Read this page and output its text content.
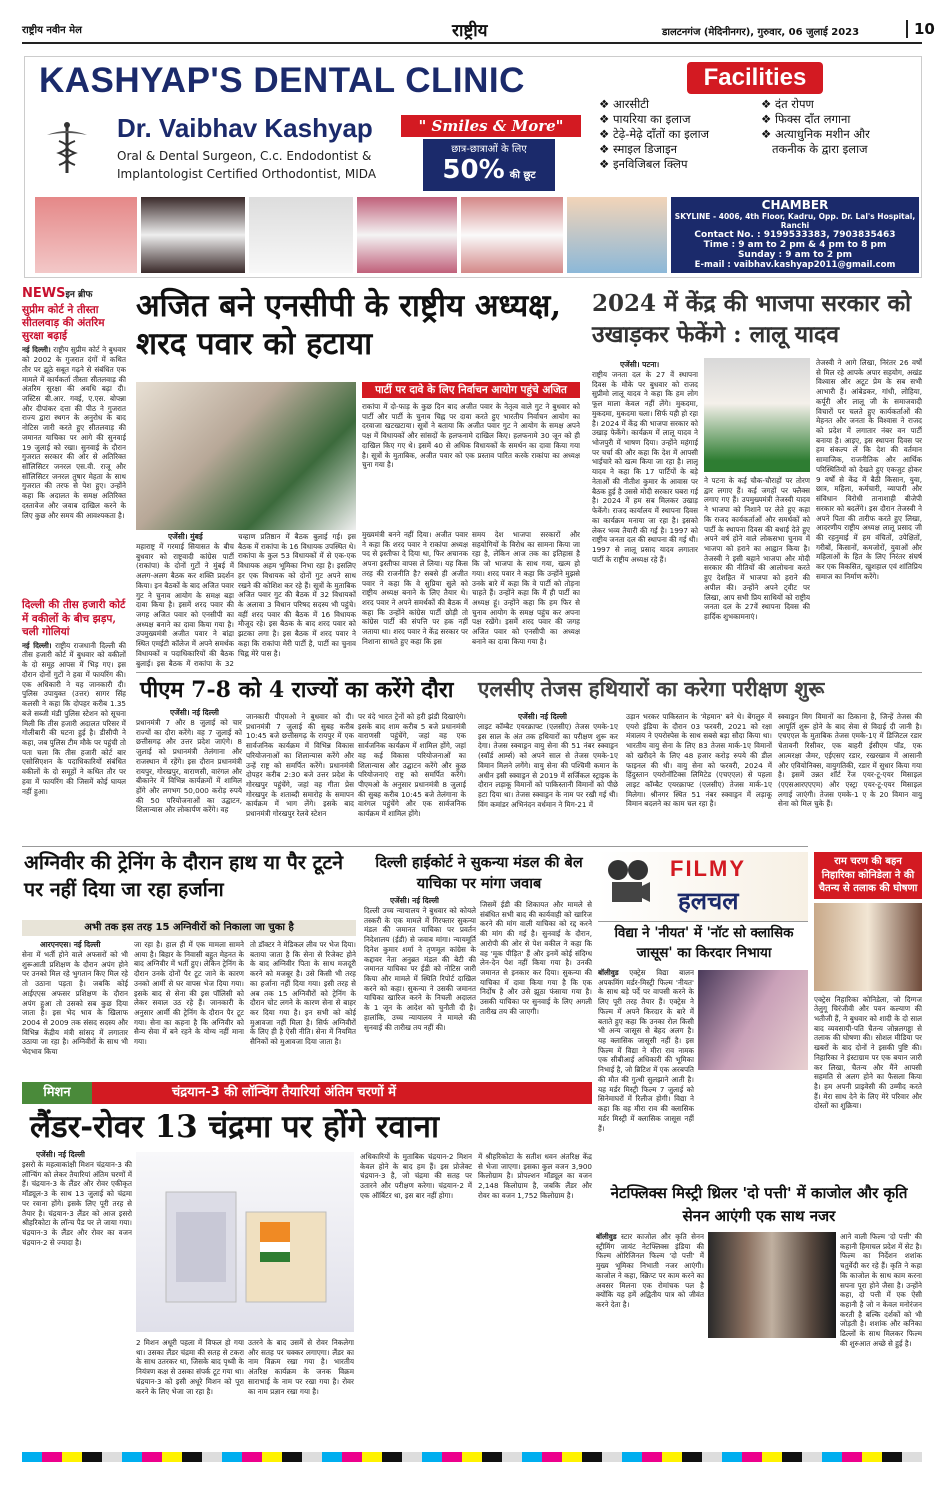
राष्ट्रीय नवीन मेल	राष्ट्रीय	डालटनगंज (मेदिनीनगर), गुरुवार, 06 जुलाई 2023	10
KASHYAP'S DENTAL CLINIC
Dr. Vaibhav Kashyap
Oral & Dental Surgeon, C.c. Endodontist &
Implantologist Certified Orthodontist, MIDA
" Smiles & More"
छात्र-छात्राओं के लिए
50% की छूट
Facilities
❖ आरसीटी
❖ पायरिया का इलाज
❖ टेढ़े-मेढ़े दाँतों का इलाज
❖ स्माइल डिजाइन
❖ इनविजिबल क्लिप
❖ दंत रोपण
❖ फिक्स दाँत लगाना
❖ अत्याधुनिक मशीन और
तकनीक के द्वारा इलाज
CHAMBER
SKYLINE - 4006, 4th Floor, Kadru, Opp. Dr. Lal's Hospital, Ranchi
Contact No. : 9199533383, 7903835463
Time : 9 am to 2 pm & 4 pm to 8 pm
Sunday : 9 am to 2 pm
E-mail : vaibhav.kashyap2011@gmail.com
NEWSइन ब्रीफ
सुप्रीम कोर्ट ने तीस्ता सीतलवाड़ की अंतरिम सुरक्षा बढ़ाई
नई दिल्ली। राष्ट्रीय सुप्रीम कोर्ट ने बुधवार को 2002 के गुजरात दंगों में कथित तौर पर झूठे सबूत गढ़ने से संबंधित एक मामले में कार्यकर्ता तीस्ता सीतलवाड़ की अंतरिम सुरक्षा की अवधि बढ़ा दी। जस्टिस बी.आर. गवई, ए.एस. बोपन्ना और दीपांकर दत्ता की पीठ ने गुजरात राज्य द्वारा स्थगन के अनुरोध के बाद नोटिस जारी करते हुए सीतलवाड़ की जमानत याचिका पर आगे की सुनवाई 19 जुलाई को रखा। सुनवाई के दौरान गुजरात सरकार की ओर से अतिरिक्त सॉलिसिटर जनरल एस.वी. राजू और सॉलिसिटर जनरल तुषार मेहता के साथ गुजरात की तरफ से पेश हुए। उन्होंने कहा कि अदालत के समक्ष अतिरिक्त दस्तावेज और जवाब दाखिल करने के लिए कुछ और समय की आवश्यकता है।
दिल्ली की तीस हजारी कोर्ट में वकीलों के बीच झड़प, चली गोलियां
नई दिल्ली। राष्ट्रीय राजधानी दिल्ली की तीस हजारी कोर्ट में बुधवार को वकीलों के दो समूह आपस में भिड़ गए। इस दौरान दोनों गुटों ने हवा में फायरिंग की। एक अधिकारी ने यह जानकारी दी। पुलिस उपायुक्त (उत्तर) सागर सिंह कलसी ने कहा कि दोपहर करीब 1.35 बजे सब्जी मंडी पुलिस स्टेशन को सूचना मिली कि तीस हजारी अदालत परिसर में गोलीबारी की घटना हुई है। डीसीपी ने कहा, जब पुलिस टीम मौके पर पहुंची तो पता चला कि तीस हजारी कोर्ट बार एसोसिएशन के पदाधिकारियों संबंधित वकीलों के दो समूहों ने कथित तौर पर हवा में फायरिंग की जिसमें कोई घायल नहीं हुआ।
अजित बने एनसीपी के राष्ट्रीय अध्यक्ष, शरद पवार को हटाया
एजेंसी। मुंबई
महाराष्ट्र में गरमाई सियासत के बीच बुधवार को राष्ट्रवादी कांग्रेस पार्टी (राकांपा) के दोनों गुटों ने मुंबई में अलग-अलग बैठक कर शक्ति प्रदर्शन किया। इन बैठकों के बाद अजित पवार गुट ने चुनाव आयोग के समक्ष बड़ा दावा किया है। इसमें शरद पवार की जगह अजित पवार को एनसीपी का अध्यक्ष बनाने का दावा किया गया है। उपमुख्यमंत्री अजीत पवार ने बांद्रा स्थित एमईटी कॉलेज में अपने समर्थक विधायकों व पदाधिकारियों की बैठक बुलाई। इस बैठक में राकांपा के 32
चव्हाण प्रतिष्ठान में बैठक बुलाई गई। इस बैठक में राकांपा के 16 विधायक उपस्थित थे। राकांपा के कुल 53 विधायकों में से एक-एक विधायक अहम भूमिका निभा रहा है। इसलिए हर एक विधायक को दोनों गुट अपने साथ रखने की कोशिश कर रहे हैं। सूत्रों के मुताबिक अजित पवार गुट की बैठक में 32 विधायकों के अलावा 3 विधान परिषद सदस्य भी पहुंचे। वहीं शरद पवार की बैठक में 16 विधायक मौजूद रहे। इस बैठक के बाद शरद पवार को झटका लगा है। इस बैठक में शरद पवार ने कहा कि राकांपा मेरी पार्टी है, पार्टी का चुनाव चिह्न मेरे पास है।
पार्टी पर दावे के लिए निर्वाचन आयोग पहुंचे अजित
राकांपा में दो-फाड़ के कुछ दिन बाद अजीत पवार के नेतृत्व वाले गुट ने बुधवार को पार्टी और पार्टी के चुनाव चिह्न पर दावा करते हुए भारतीय निर्वाचन आयोग का दरवाजा खटखटाया। सूत्रों ने बताया कि अजीत पवार गुट ने आयोग के समक्ष अपने पक्ष में विधायकों और सांसदों के हलफनामे दाखिल किए। हलफनामे 30 जून को ही दाखिल किए गए थे। इसमें 40 से अधिक विधायकों के समर्थन का दावा किया गया है। सूत्रों के मुताबिक, अजीत पवार को एक प्रस्ताव पारित करके राकांपा का अध्यक्ष चुना गया है।
मुख्यमंत्री बनने नहीं दिया। अजीत पवार ने कहा कि शरद पवार ने राकांपा अध्यक्ष पद से इस्तीफा दे दिया था, फिर अचानक अपना इस्तीफा वापस ले लिया। यह किस तरह की राजनीति है? सबसे ही अजीत पवार ने कहा कि वे सुप्रिया सुले को राष्ट्रीय अध्यक्ष बनाने के लिए तैयार थे। शरद पवार ने अपने समर्थकों की बैठक में कहा कि उन्होंने कांग्रेस पार्टी छोड़ी तो कांग्रेस पार्टी की संपत्ति पर हक नहीं जताया था। शरद पवार ने केंद्र सरकार पर निशाना साधते हुए कहा कि इस
समय देश भाजपा सरकारों और सहयोगियों के विरोध का सामना किया जा रहा है, लेकिन आज तक का इतिहास है कि जो भाजपा के साथ गया, खत्म हो गया। शरद पवार ने कहा कि उन्होंने मुझसे उनके बारे में कहा कि वे पार्टी को तोड़ना चाहते हैं। उन्होंने कहा कि मैं ही पार्टी का अध्यक्ष हूं। उन्होंने कहा कि हम फिर से चुनाव आयोग के समक्ष पहुंच कर अपना पक्ष रखेंगे। इसमें शरद पवार की जगह अजित पवार को एनसीपी का अध्यक्ष बनाने का दावा किया गया है।
2024 में केंद्र की भाजपा सरकार को उखाड़कर फेकेंगे : लालू यादव
एजेंसी। पटना।
राष्ट्रीय जनता दल के 27 वें स्थापना दिवस के मौके पर बुधवार को राजद सुप्रीमो लालू यादव ने कहा कि हम लोग फूल माला केवल नहीं लेंगे। मुकदमा, मुकदमा, मुकदमा चला। सिर्फ यही हो रहा है। 2024 में केंद्र की भाजपा सरकार को उखाड़ फेकेंगे। कार्यक्रम में लालू यादव ने भोजपुरी में भाषण दिया। उन्होंने महंगाई पर चर्चा की और कहा कि देश में आपसी भाईचारे को खत्म किया जा रहा है। लालू यादव ने कहा कि 17 पार्टियों के बड़े नेताओं की नीतीश कुमार के आवास पर बैठक हुई है उससे मोदी सरकार घबरा गई है। 2024 में हम सब मिलकर उखाड़ फेकेंगे। राजद कार्यालय में स्थापना दिवस का कार्यक्रम मनाया जा रहा है। इसको लेकर भव्य तैयारी की गई है। 1997 को राष्ट्रीय जनता दल की स्थापना की गई थी। 1997 से लालू प्रसाद यादव लगातार पार्टी के राष्ट्रीय अध्यक्ष रहे हैं।
ने पटना के कई चौक-चौराहों पर तोरण द्वार लगाए हैं। कई जगहों पर फ्लैक्स लगाए गए हैं। उपमुख्यमंत्री तेजस्वी यादव ने भाजपा को निशाने पर लेते हुए कहा कि राजद कार्यकर्ताओं और समर्थकों को पार्टी के स्थापना दिवस की बधाई देते हुए अपने वर्ष होने वाले लोकसभा चुनाव में भाजपा को हराने का आह्वान किया है। तेजस्वी ने इसी बहाने भाजपा और मोदी सरकार की नीतियों की आलोचना करते हुए देशहित में भाजपा को हराने की अपील की। उन्होंने अपने ट्वीट पर लिखा, आप सभी प्रिय साथियों को राष्ट्रीय जनता दल के 27वें स्थापना दिवस की हार्दिक शुभकामनाएं।
तेजस्वी ने आगे लिखा, निरंतर 26 वर्षों से मिल रहे आपके अपार सहयोग, अखंड विश्वास और अटूट प्रेम के सब सभी आभारी हैं। आंबेडकर, गांधी, लोहिया, कर्पूरी और लालू जी के समाजवादी विचारों पर चलते हुए कार्यकर्ताओं की मेहनत और जनता के विश्वास ने राजद को प्रदेश में लगातार नंबर वन पार्टी बनाया है। आइए, इस स्थापना दिवस पर हम संकल्प लें कि देश की वर्तमान सामाजिक, राजनीतिक और आर्थिक परिस्थितियों को देखते हुए एकजुट होकर 9 वर्षों से केंद्र में बैठी किसान, युवा, छात्र, महिला, कर्मचारी, व्यापारी और संविधान विरोधी तानाशाही बीजेपी सरकार को बदलेंगे। इस दौरान तेजस्वी ने अपने पिता की तारीफ करते हुए लिखा, आदरणीय राष्ट्रीय अध्यक्ष लालू प्रसाद जी की रहनुमाई में हम वंचितों, उपेक्षितों, गरीबों, किसानों, कमजोरों, युवाओं और महिलाओं के हित के लिए निरंतर संघर्ष कर एक विकसित, खुशहाल एवं शांतिप्रिय समाज का निर्माण करेंगे।
पीएम 7-8 को 4 राज्यों का करेंगे दौरा
एजेंसी। नई दिल्ली
प्रधानमंत्री 7 और 8 जुलाई को चार राज्यों का दौरा करेंगे। वह 7 जुलाई को छत्तीसगढ़ और उत्तर प्रदेश जाएंगे। 8 जुलाई को प्रधानमंत्री तेलंगाना और राजस्थान में रहेंगे। इस दौरान प्रधानमंत्री रायपुर, गोरखपुर, वाराणसी, वारंगल और बीकानेर में विभिन्न कार्यक्रमों में शामिल होंगे और लगभग 50,000 करोड़ रुपये की 50 परियोजनाओं का उद्घाटन, शिलान्यास और लोकार्पण करेंगे। वह
जानकारी पीएमओ ने बुधवार को दी। प्रधानमंत्री 7 जुलाई की सुबह करीब 10:45 बजे छत्तीसगढ़ के रायपुर में एक सार्वजनिक कार्यक्रम में विभिन्न विकास परियोजनाओं का शिलान्यास करेंगे और उन्हें राष्ट्र को समर्पित करेंगे। प्रधानमंत्री दोपहर करीब 2:30 बजे उत्तर प्रदेश के गोरखपुर पहुंचेंगे, जहां वह गीता प्रेस गोरखपुर के शताब्दी समारोह के समापन कार्यक्रम में भाग लेंगे। इसके बाद प्रधानमंत्री गोरखपुर रेलवे स्टेशन
पर वंदे भारत ट्रेनों को हरी झंडी दिखाएंगे। इसके बाद शाम करीब 5 बजे प्रधानमंत्री वाराणसी पहुंचेंगे, जहां वह एक सार्वजनिक कार्यक्रम में शामिल होंगे, जहां वह कई विकास परियोजनाओं का शिलान्यास और उद्घाटन करेंगे और कुछ परियोजनाएं राष्ट्र को समर्पित करेंगे। पीएमओ के अनुसार प्रधानमंत्री 8 जुलाई की सुबह करीब 10:45 बजे तेलंगाना के वारंगल पहुंचेंगे और एक सार्वजनिक कार्यक्रम में शामिल होंगे।
एलसीए तेजस हथियारों का करेगा परीक्षण शुरू
एजेंसी। नई दिल्ली
लाइट कॉम्बैट एयरक्राफ्ट (एलसीए) तेजस एमके-1ए इस साल के अंत तक हथियारों का परीक्षण शुरू कर देगा। तेजस स्क्वाड्रन वायु सेना की 51 नंबर स्क्वाड्रन (स्वॉर्ड आर्म्स) को अपने साल से तेजस एमके-1ए विमान मिलने लगेंगे। वायु सेना की पश्चिमी कमान के अधीन इसी स्क्वाड्रन से 2019 में सर्जिकल स्ट्राइक के दौरान लड़ाकू विमानों को पाकिस्तानी विमानों को पीछे हटा दिया था। तेजस स्क्वाड्रन के नाम पर रखी गई थी। विंग कमांडर अभिनंदन वर्धमान ने मिग-21 में
उड़ान भरकर पाकिस्तान के 'मेहमान' बने थे। बेंगलुरु में एयरो इंडिया के दौरान 03 फरवरी, 2021 को रक्षा मंत्रालय ने एयरोस्पेस के साथ सबसे बड़ा सौदा किया था। भारतीय वायु सेना के लिए 83 तेजस मार्क-1ए विमानों को खरीदने के लिए 48 हजार करोड़ रुपये की डील फाइनल की थी। वायु सेना को फरवरी, 2024 में हिंदुस्तान एयरोनॉटिक्स लिमिटेड (एचएएल) से पहला लाइट कॉम्बैट एयरक्राफ्ट (एलसीए) तेजस मार्क-1ए मिलेगा। श्रीनगर स्थित 51 नंबर स्क्वाड्रन में लड़ाकू विमान बदलने का काम चल रहा है।
स्क्वाड्रन मिग विमानों का ठिकाना है, जिन्हें तेजस की आपूर्ति शुरू होने के बाद सेवा से विदाई दी जानी है। एचएएल के मुताबिक तेजस एमके-1ए में डिजिटल रडार चेतावनी रिसीवर, एक बाहरी ईसीएम पॉड, एक आत्मरक्षा जैमर, एईएसए रडार, रखरखाव में आसानी और एवियोनिक्स, वायुगतिकी, रडार में सुधार किया गया है। इसमें उन्नत शॉर्ट रेंज एयर-टू-एयर मिसाइल (एएसआरएएएम) और एस्ट्रा एयर-टू-एयर मिसाइल लगाई जाएंगी। तेजस एमके-1 ए के 20 विमान वायु सेना को मिल चुके हैं।
अग्निवीर की ट्रेनिंग के दौरान हाथ या पैर टूटने पर नहीं दिया जा रहा हर्जाना
अभी तक इस तरह 15 अग्निवीरों को निकाला जा चुका है
आरएनएस। नई दिल्ली
सेना में भर्ती होने वाले अफसरों को भी शुरूआती प्रशिक्षण के दौरान अपंग होने पर उनको मिल रहे भुगतान किए मिल रहे तो उठाना पड़ता है। जबकि कोई आईएएस अफसर प्रशिक्षण के दौरान अपंग हुआ तो उसको सब कुछ दिया जाता है। इस भेद भाव के खिलाफ 2004 से 2009 तक संसद सदस्य और विभिन्न केंद्रीय मंत्री सांसद में लगातार उठाया जा रहा है। अग्निवीरों के साथ भी भेदभाव किया
जा रहा है। हाल ही में एक मामला सामने आया है। बिहार के निवासी बहुत मेहनत के बाद अग्निवीर में भर्ती हुए। लेकिन ट्रेनिंग के दौरान उनके दोनों पैर टूट जाने के कारण उनको आर्मी से घर वापस भेज दिया गया। इसके बाद से सेना की इस पॉलिसी को लेकर सवाल उठ रहे हैं। जानकारी के अनुसार आर्मी की ट्रेनिंग के दौरान पैर टूट गया। सेना का कहना है कि अग्निवीर को सैन्य सेवा में बने रहने के योग्य नहीं माना गया।
तो डॉक्टर ने मेडिकल लीव पर भेज दिया। बताया जाता है कि सेना से रिजेक्ट होने के बाद अग्निवीर पिता के साथ मजदूरी करने को मजबूर है। उसे किसी भी तरह का हर्जाना नहीं दिया गया। इसी तरह से अब तक 15 अग्निवीरों को ट्रेनिंग के दौरान चोट लगने के कारण सेना से बाहर कर दिया गया है। इन सभी को कोई मुआवजा नहीं मिला है। सिर्फ अग्निवीरों के लिए ही है ऐसी नीति। सेना में नियमित सैनिकों को मुआवजा दिया जाता है।
दिल्ली हाईकोर्ट ने सुकन्या मंडल की बेल याचिका पर मांगा जवाब
एजेंसी। नई दिल्ली
दिल्ली उच्च न्यायालय ने बुधवार को कोयले तस्करी के एक मामले में गिरफ्तार सुकन्या मंडल की जमानत याचिका पर प्रवर्तन निदेशालय (ईडी) से जवाब मांगा। न्यायमूर्ति दिनेश कुमार शर्मा ने तृणमूल कांग्रेस के कद्दावर नेता अनुब्रत मंडल की बेटी की जमानत याचिका पर ईडी को नोटिस जारी किया और मामले में स्थिति रिपोर्ट दाखिल करने को कहा। सुकन्या ने उसकी जमानत याचिका खारिज करने के निचली अदालत के 1 जून के आदेश को चुनौती दी है। हालांकि, उच्च न्यायालय ने मामले की सुनवाई की तारीख तय नहीं की।
जिसमें ईडी की शिकायत और मामले से संबंधित सभी बाद की कार्यवाही को खारिज करने की मांग वाली याचिका को रद्द करने की मांग की गई है। सुनवाई के दौरान, आरोपी की ओर से पेश वकील ने कहा कि वह 'मूक पीड़ित' हैं और इनमें कोई संदिग्ध लेन-देन पेश नहीं किया गया है। उनकी जमानत से इनकार कर दिया। सुकन्या की याचिका में दावा किया गया है कि एक निर्दोष है और उसे झूठा फंसाया गया है। उसकी याचिका पर सुनवाई के लिए अगली तारीख तय की जाएगी।
FILMY
हलचल
विद्या ने 'नीयत' में 'नॉट सो क्लासिक जासूस' का किरदार निभाया
बॉलीवुड एक्ट्रेस विद्या बालन अपकमिंग मर्डर-मिस्ट्री फिल्म 'नीयत' के साथ बड़े पर्दे पर वापसी करने के लिए पूरी तरह तैयार हैं। एक्ट्रेस ने फिल्म में अपने किरदार के बारे में बताते हुए कहा कि उनका रोल किसी भी अन्य जासूस से बेहद अलग है। यह क्लासिक जासूसी नहीं है। इस फिल्म में विद्या ने मीरा राव नामक एक सीबीआई अधिकारी की भूमिका निभाई है, जो ब्रिटिश में एक अरबपति की मौत की गुत्थी सुलझाने आती है। यह मर्डर मिस्ट्री फिल्म 7 जुलाई को सिनेमाघरों में रिलीज होगी। विद्या ने कहा कि वह मीरा राव की क्लासिक मर्डर मिस्ट्री में क्लासिक जासूस नहीं हैं।
राम चरण की बहन निहारिका कोनिडेला ने की चैतन्य से तलाक की घोषणा
एक्ट्रेस निहारिका कोनिडेला, जो दिग्गज तेलुगू चिरंजीवी और पवन कल्याण की भतीजी हैं, ने बुधवार को शादी के दो साल बाद व्यवसायी-पति चैतन्य जोन्नलगड्डा से तलाक की घोषणा की। सोशल मीडिया पर खबरों के बाद दोनों ने इसकी पुष्टि की। निहारिका ने इंस्टाग्राम पर एक बयान जारी कर लिखा, चैतन्य और मैंने आपसी सहमति से अलग होने का फैसला किया है। हम अपनी प्राइवेसी की उम्मीद करते हैं। मेरा साथ देने के लिए मेरे परिवार और दोस्तों का शुक्रिया।
मिशन	चंद्रयान-3 की लॉन्चिंग तैयारियां अंतिम चरणों में
लैंडर-रोवर 13 चंद्रमा पर होंगे रवाना
एजेंसी। नई दिल्ली
इसरो के महत्वाकांक्षी मिशन चंद्रयान-3 की लॉन्चिंग को लेकर तैयारियां अंतिम चरणों में हैं। चंद्रयान-3 के लैंडर और रोवर एकीकृत मॉड्यूल-3 के साथ 13 जुलाई को चंद्रमा पर रवाना होंगे। इसके लिए पूरी तरह से तैयार है। चंद्रयान-3 लैंडर को आज इसरो श्रीहरिकोटा के लॉन्च पैड पर ले जाया गया। चंद्रयान-3 के लैंडर और रोवर का वजन चंद्रयान-2 से ज्यादा है।
2 मिशन अधूरी पहला में विफल हो गया था। उसका लैंडर चंद्रमा की सतह से टकरा के साथ उतरकर था, जिसके बाद पृथ्वी के नियंत्रण कक्ष से उसका संपर्क टूट गया था। चंद्रयान-3 को इसी अधूरे मिशन को पूरा करने के लिए भेजा जा रहा है।
उतरने के बाद उसमें से रोवर निकलेगा और सतह पर चक्कर लगाएगा। लैंडर का नाम विक्रम रखा गया है। भारतीय अंतरिक्ष कार्यक्रम के जनक विक्रम साराभाई के नाम पर रखा गया है। रोवर का नाम प्रज्ञान रखा गया है।
अधिकारियों के मुताबिक चंद्रयान-2 मिशन केवल होने के बाद हम हैं। इस प्रोजेक्ट चंद्रयान-3 है, जो चंद्रमा की सतह पर उतारने और परीक्षण करेगा। चंद्रयान-2 में एक ऑर्बिटर था, इस बार नहीं होगा।
में श्रीहरिकोटा के सतीश धवन अंतरिक्ष केंद्र से भेजा जाएगा। इसका कुल वजन 3,900 किलोग्राम है। प्रोपल्शन मॉड्यूल का वजन 2,148 किलोग्राम है, जबकि लैंडर और रोवर का वजन 1,752 किलोग्राम है।	नेटफ्लिक्स मिस्ट्री थ्रिलर 'दो पत्ती' में काजोल और कृति सेनन आएंगी एक साथ नजर
बॉलीवुड स्टार काजोल और कृति सेनन स्ट्रीमिंग जायंट नेटफ्लिक्स इंडिया की फिल्म ओरिजिनल फिल्म 'दो पत्ती' में मुख्य भूमिका निभाती नजर आएंगी। काजोल ने कहा, स्क्रिप्ट पर काम करने का अवसर मिलना एक रोमांचक पल है क्योंकि यह हमें अद्वितीय पात्र को जीवंत करने देता है।
आने वाली फिल्म 'दो पत्ती' की कहानी हिमाचल प्रदेश में सेट है। फिल्म का निर्देशन शशांक चतुर्वेदी कर रहे हैं। कृति ने कहा कि काजोल के साथ काम करना सपना पूरा होने जैसा है। उन्होंने कहा, दो पत्ती में एक ऐसी कहानी है जो न केवल मनोरंजन करती है बल्कि दर्शकों को भी जोड़ती है। शशांक और कनिका ढिल्लों के साथ मिलकर फिल्म की शुरुआत अच्छे से हुई है।
